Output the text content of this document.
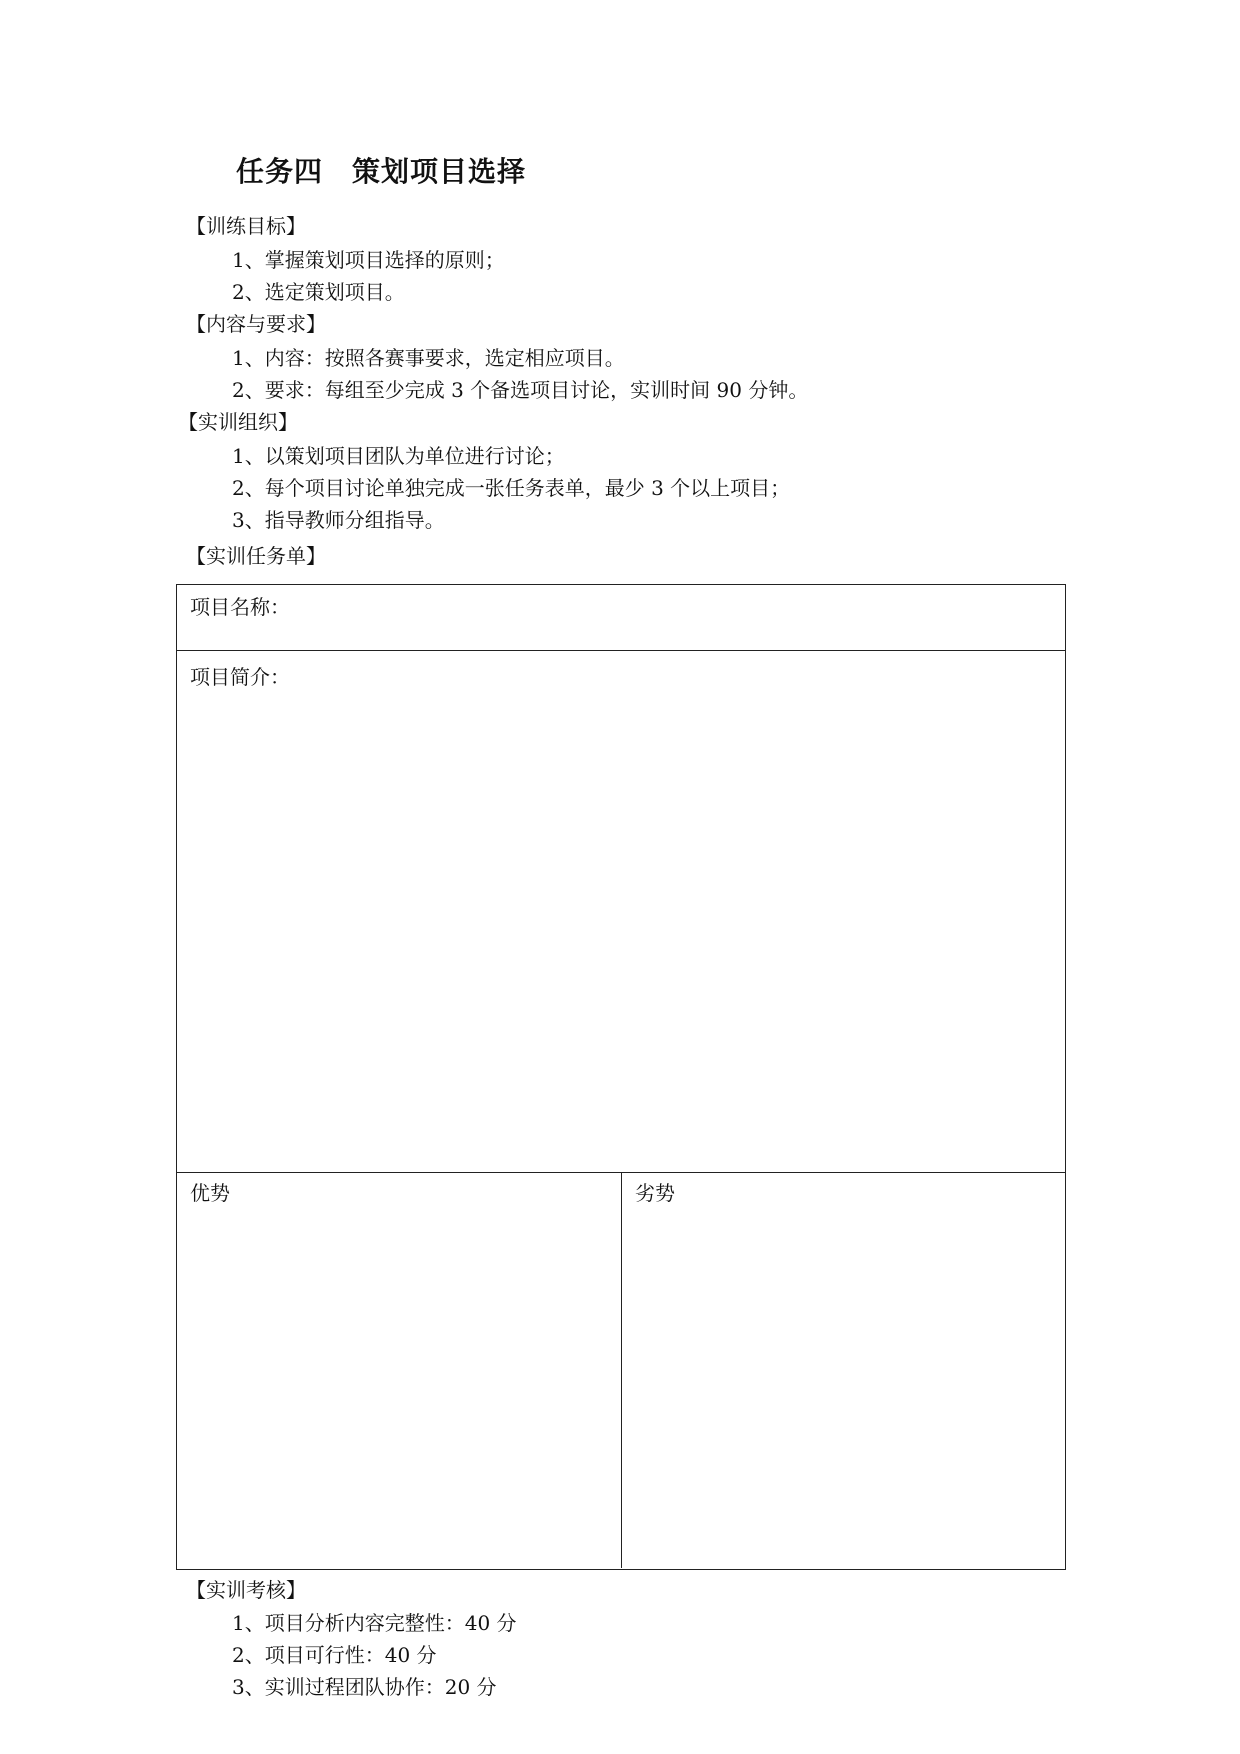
任务四　策划项目选择
【训练目标】
1、掌握策划项目选择的原则；
2、选定策划项目。
【内容与要求】
1、内容：按照各赛事要求，选定相应项目。
2、要求：每组至少完成 3 个备选项目讨论，实训时间 90 分钟。
【实训组织】
1、以策划项目团队为单位进行讨论；
2、每个项目讨论单独完成一张任务表单，最少 3 个以上项目；
3、指导教师分组指导。
【实训任务单】
项目名称：
项目简介：
优势	劣势
【实训考核】
1、项目分析内容完整性：40 分
2、项目可行性：40 分
3、实训过程团队协作：20 分
